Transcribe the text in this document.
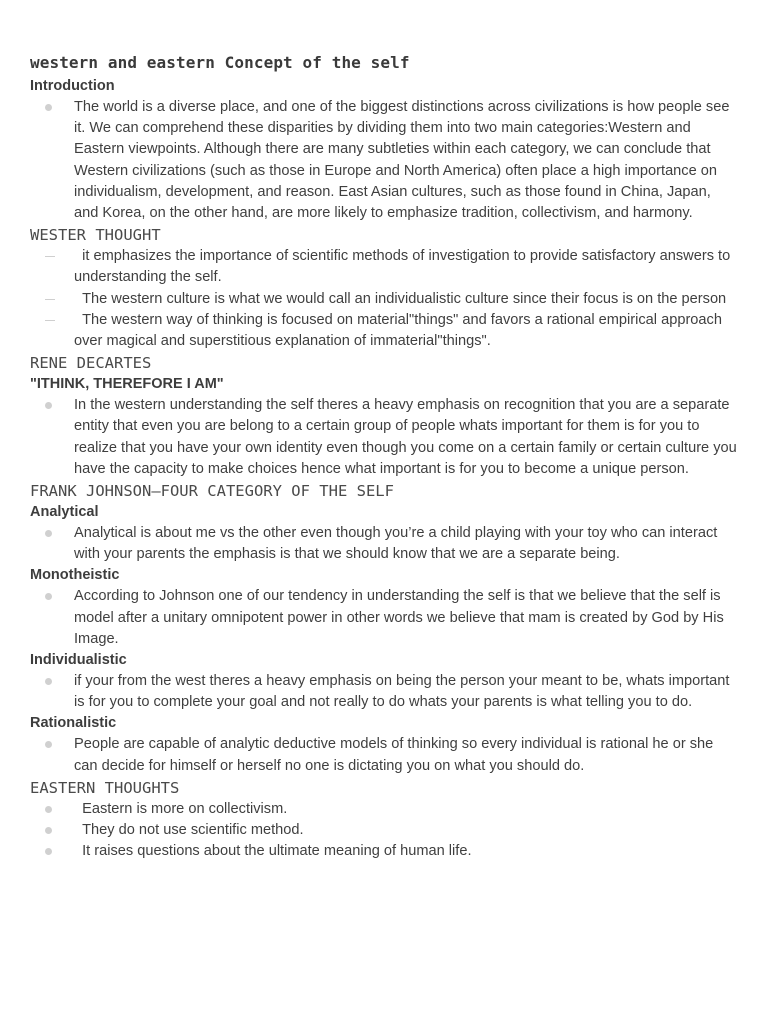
western and eastern Concept of the self
Introduction
The world is a diverse place, and one of the biggest distinctions across civilizations is how people see it. We can comprehend these disparities by dividing them into two main categories:Western and Eastern viewpoints. Although there are many subtleties within each category, we can conclude that Western civilizations (such as those in Europe and North America) often place a high importance on individualism, development, and reason. East Asian cultures, such as those found in China, Japan, and Korea, on the other hand, are more likely to emphasize tradition, collectivism, and harmony.
WESTER THOUGHT
it emphasizes the importance of scientific methods of investigation to provide satisfactory answers to understanding the self.
The western culture is what we would call an individualistic culture since their focus is on the person
The western way of thinking is focused on material"things" and favors a rational empirical approach over magical and superstitious explanation of immaterial"things".
RENE DECARTES
"ITHINK, THEREFORE I AM"
In the western understanding the self theres a heavy emphasis on recognition that you are a separate entity that even you are belong to a certain group of people whats important for them is for you to realize that you have your own identity even though you come on a certain family or certain culture you have the capacity to make choices hence what important is for you to become a unique person.
FRANK JOHNSON—FOUR CATEGORY OF THE SELF
Analytical
Analytical is about me vs the other even though you’re a child playing with your toy who can interact with your parents the emphasis is that we should know that we are a separate being.
Monotheistic
According to Johnson one of our tendency in understanding the self is that we believe that the self is model after a unitary omnipotent power in other words we believe that mam is created by God by His Image.
Individualistic
if your from the west theres a heavy emphasis on being the person your meant to be, whats important is for you to complete your goal and not really to do whats your parents is what telling you to do.
Rationalistic
People are capable of analytic deductive models of thinking so every individual is rational he or she can decide for himself or herself no one is dictating you on what you should do.
EASTERN THOUGHTS
Eastern is more on collectivism.
They do not use scientific method.
It raises questions about the ultimate meaning of human life.
